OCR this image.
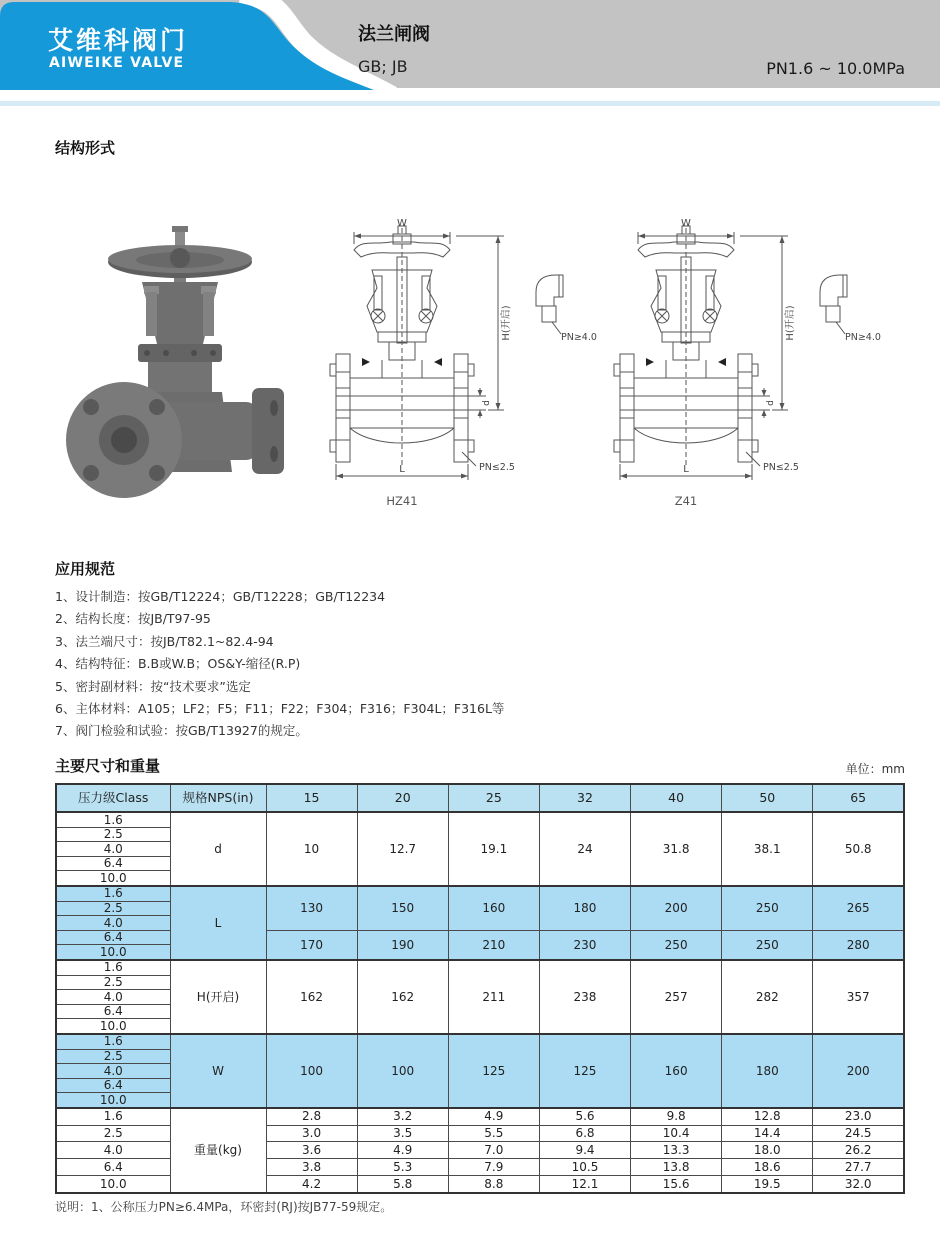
艾维科阀门
AIWEIKE VALVE
法兰闸阀
GB; JB	PN1.6 ~ 10.0MPa
结构形式
W
H(开启)
d
L	PN≤2.5
PN≥4.0
HZ41
W
H(开启)
d
L	PN≤2.5
PN≥4.0
Z41
应用规范
1、设计制造：按GB/T12224；GB/T12228；GB/T12234
2、结构长度：按JB/T97-95
3、法兰端尺寸：按JB/T82.1~82.4-94
4、结构特征：B.B或W.B；OS&Y-缩径(R.P)
5、密封副材料：按“技术要求”选定
6、主体材料：A105；LF2；F5；F11；F22；F304；F316；F304L；F316L等
7、阀门检验和试验：按GB/T13927的规定。
主要尺寸和重量	单位：mm
压力级Class	规格NPS(in)	15	20	25	32	40	50	65
1.6	d	10	12.7	19.1	24	31.8	38.1	50.8
2.5								
4.0								
6.4								
10.0								
1.6	L	130	150	160	180	200	250	265
2.5								
4.0								
6.4		170	190	210	230	250	250	280
10.0								
1.6	H(开启)	162	162	211	238	257	282	357
2.5								
4.0								
6.4								
10.0								
1.6	W	100	100	125	125	160	180	200
2.5								
4.0								
6.4								
10.0								
1.6	重量(kg)	2.8	3.2	4.9	5.6	9.8	12.8	23.0
2.5		3.0	3.5	5.5	6.8	10.4	14.4	24.5
4.0		3.6	4.9	7.0	9.4	13.3	18.0	26.2
6.4		3.8	5.3	7.9	10.5	13.8	18.6	27.7
10.0		4.2	5.8	8.8	12.1	15.6	19.5	32.0
说明：1、公称压力PN≥6.4MPa，环密封(RJ)按JB77-59规定。
